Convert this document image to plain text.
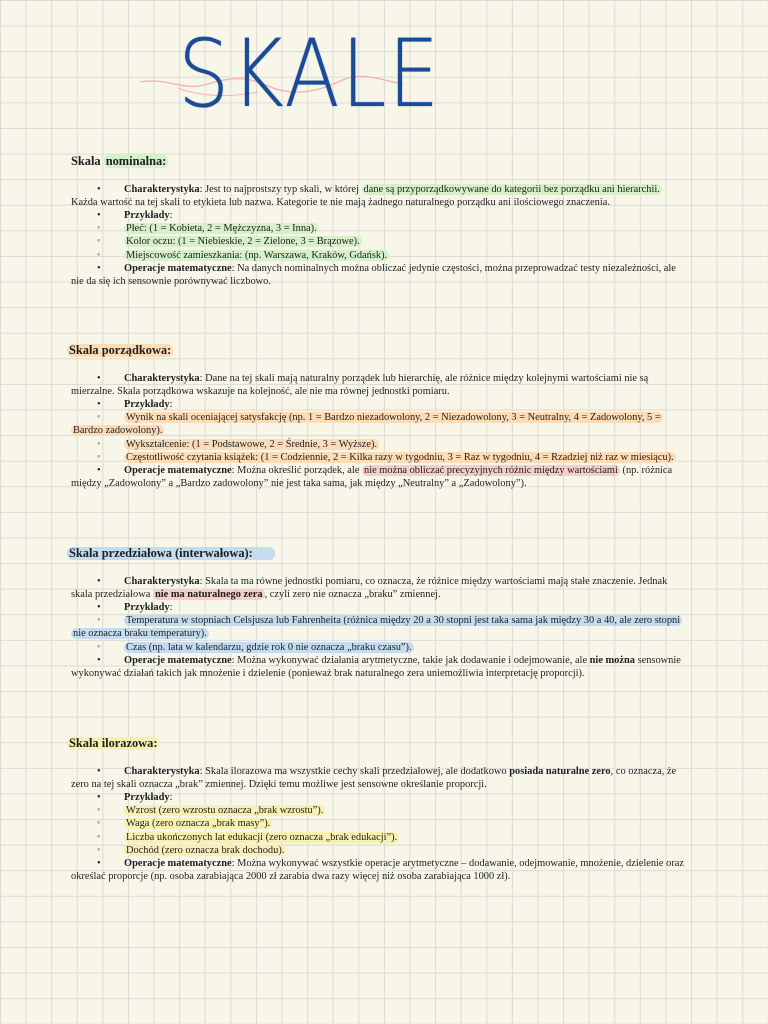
SKALE
Skala nominalna:
• Charakterystyka: Jest to najprostszy typ skali, w której dane są przyporządkowywane do kategorii bez porządku ani hierarchii.
Każda wartość na tej skali to etykieta lub nazwa. Kategorie te nie mają żadnego naturalnego porządku ani ilościowego znaczenia.
• Przykłady:
◦ Płeć: (1 = Kobieta, 2 = Mężczyzna, 3 = Inna).
◦ Kolor oczu: (1 = Niebieskie, 2 = Zielone, 3 = Brązowe).
◦ Miejscowość zamieszkania: (np. Warszawa, Kraków, Gdańsk).
• Operacje matematyczne: Na danych nominalnych można obliczać jedynie częstości, można przeprowadzać testy niezależności, ale
nie da się ich sensownie porównywać liczbowo.
Skala porządkowa:
• Charakterystyka: Dane na tej skali mają naturalny porządek lub hierarchię, ale różnice między kolejnymi wartościami nie są
mierzalne. Skala porządkowa wskazuje na kolejność, ale nie ma równej jednostki pomiaru.
• Przykłady:
◦ Wynik na skali oceniającej satysfakcję (np. 1 = Bardzo niezadowolony, 2 = Niezadowolony, 3 = Neutralny, 4 = Zadowolony, 5 =
Bardzo zadowolony).
◦ Wykształcenie: (1 = Podstawowe, 2 = Średnie, 3 = Wyższe).
◦ Częstotliwość czytania książek: (1 = Codziennie, 2 = Kilka razy w tygodniu, 3 = Raz w tygodniu, 4 = Rzadziej niż raz w miesiącu).
• Operacje matematyczne: Można określić porządek, ale nie można obliczać precyzyjnych różnic między wartościami (np. różnica
między „Zadowolony” a „Bardzo zadowolony” nie jest taka sama, jak między „Neutralny” a „Zadowolony”).
Skala przedziałowa (interwałowa):
• Charakterystyka: Skala ta ma równe jednostki pomiaru, co oznacza, że różnice między wartościami mają stałe znaczenie. Jednak
skala przedziałowa nie ma naturalnego zera , czyli zero nie oznacza „braku” zmiennej.
• Przykłady:
◦ Temperatura w stopniach Celsjusza lub Fahrenheita (różnica między 20 a 30 stopni jest taka sama jak między 30 a 40, ale zero stopni
nie oznacza braku temperatury).
◦ Czas (np. lata w kalendarzu, gdzie rok 0 nie oznacza „braku czasu”).
• Operacje matematyczne: Można wykonywać działania arytmetyczne, takie jak dodawanie i odejmowanie, ale nie można sensownie
wykonywać działań takich jak mnożenie i dzielenie (ponieważ brak naturalnego zera uniemożliwia interpretację proporcji).
Skala ilorazowa:
• Charakterystyka: Skala ilorazowa ma wszystkie cechy skali przedziałowej, ale dodatkowo posiada naturalne zero, co oznacza, że
zero na tej skali oznacza „brak” zmiennej. Dzięki temu możliwe jest sensowne określanie proporcji.
• Przykłady:
◦ Wzrost (zero wzrostu oznacza „brak wzrostu”).
◦ Waga (zero oznacza „brak masy”).
◦ Liczba ukończonych lat edukacji (zero oznacza „brak edukacji”).
◦ Dochód (zero oznacza brak dochodu).
• Operacje matematyczne: Można wykonywać wszystkie operacje arytmetyczne – dodawanie, odejmowanie, mnożenie, dzielenie oraz
określać proporcje (np. osoba zarabiająca 2000 zł zarabia dwa razy więcej niż osoba zarabiająca 1000 zł).
